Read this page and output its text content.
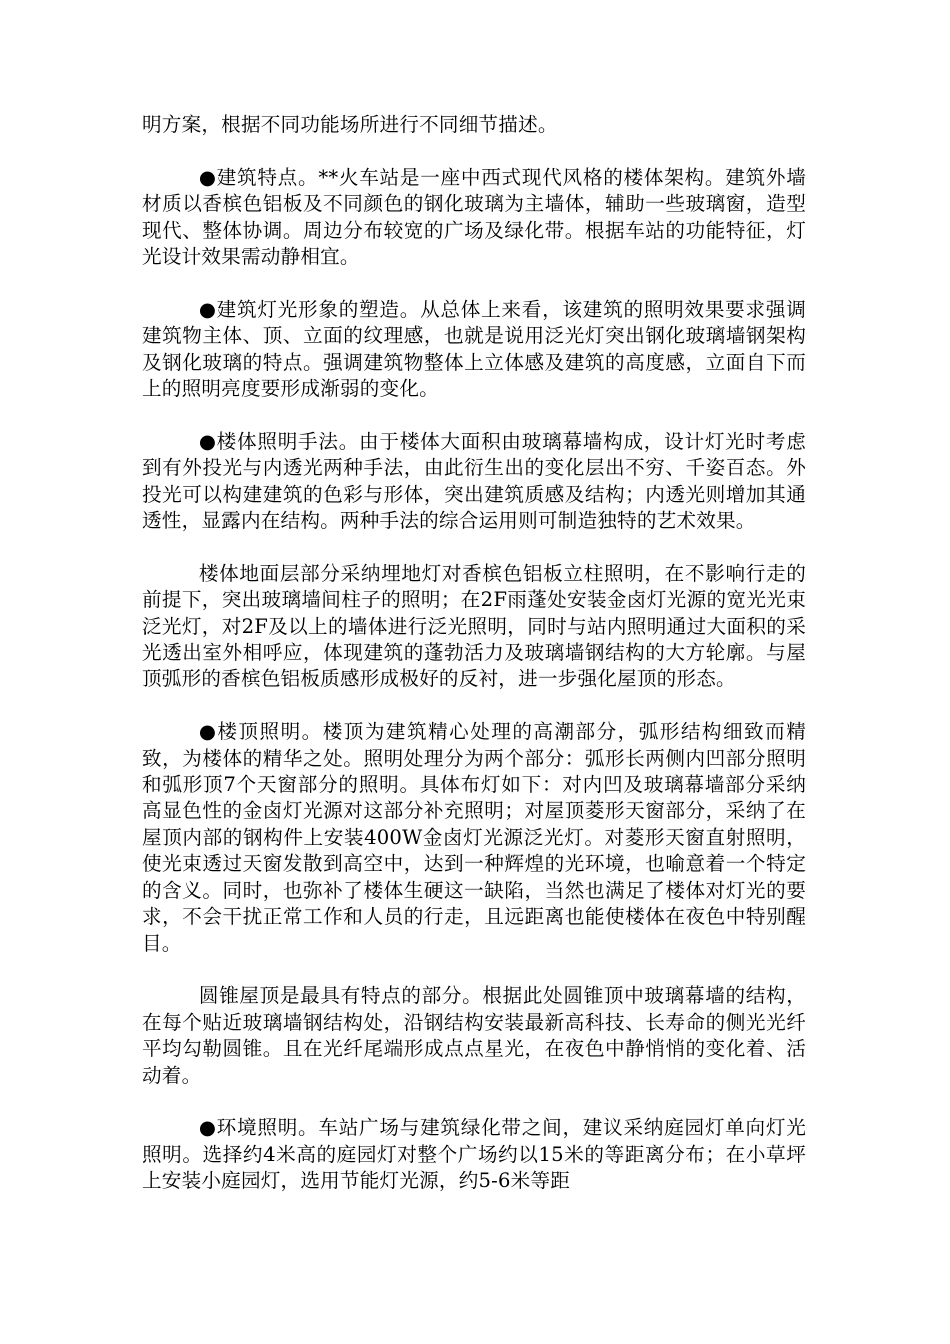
明方案，根据不同功能场所进行不同细节描述。

●建筑特点。**火车站是一座中西式现代风格的楼体架构。建筑外墙材质以香槟色铝板及不同颜色的钢化玻璃为主墙体，辅助一些玻璃窗，造型现代、整体协调。周边分布较宽的广场及绿化带。根据车站的功能特征，灯光设计效果需动静相宜。

●建筑灯光形象的塑造。从总体上来看，该建筑的照明效果要求强调建筑物主体、顶、立面的纹理感，也就是说用泛光灯突出钢化玻璃墙钢架构及钢化玻璃的特点。强调建筑物整体上立体感及建筑的高度感，立面自下而上的照明亮度要形成渐弱的变化。

●楼体照明手法。由于楼体大面积由玻璃幕墙构成，设计灯光时考虑到有外投光与内透光两种手法，由此衍生出的变化层出不穷、千姿百态。外投光可以构建建筑的色彩与形体，突出建筑质感及结构；内透光则增加其通透性，显露内在结构。两种手法的综合运用则可制造独特的艺术效果。

楼体地面层部分采纳埋地灯对香槟色铝板立柱照明，在不影响行走的前提下，突出玻璃墙间柱子的照明；在2F雨蓬处安装金卤灯光源的宽光光束泛光灯，对2F及以上的墙体进行泛光照明，同时与站内照明通过大面积的采光透出室外相呼应，体现建筑的蓬勃活力及玻璃墙钢结构的大方轮廓。与屋顶弧形的香槟色铝板质感形成极好的反衬，进一步强化屋顶的形态。

●楼顶照明。楼顶为建筑精心处理的高潮部分，弧形结构细致而精致，为楼体的精华之处。照明处理分为两个部分：弧形长两侧内凹部分照明和弧形顶7个天窗部分的照明。具体布灯如下：对内凹及玻璃幕墙部分采纳高显色性的金卤灯光源对这部分补充照明；对屋顶菱形天窗部分，采纳了在屋顶内部的钢构件上安装400W金卤灯光源泛光灯。对菱形天窗直射照明，使光束透过天窗发散到高空中，达到一种辉煌的光环境，也喻意着一个特定的含义。同时，也弥补了楼体生硬这一缺陷，当然也满足了楼体对灯光的要求，不会干扰正常工作和人员的行走，且远距离也能使楼体在夜色中特别醒目。

圆锥屋顶是最具有特点的部分。根据此处圆锥顶中玻璃幕墙的结构，在每个贴近玻璃墙钢结构处，沿钢结构安装最新高科技、长寿命的侧光光纤平均勾勒圆锥。且在光纤尾端形成点点星光，在夜色中静悄悄的变化着、活动着。

●环境照明。车站广场与建筑绿化带之间，建议采纳庭园灯单向灯光照明。选择约4米高的庭园灯对整个广场约以15米的等距离分布；在小草坪上安装小庭园灯，选用节能灯光源，约5-6米等距
